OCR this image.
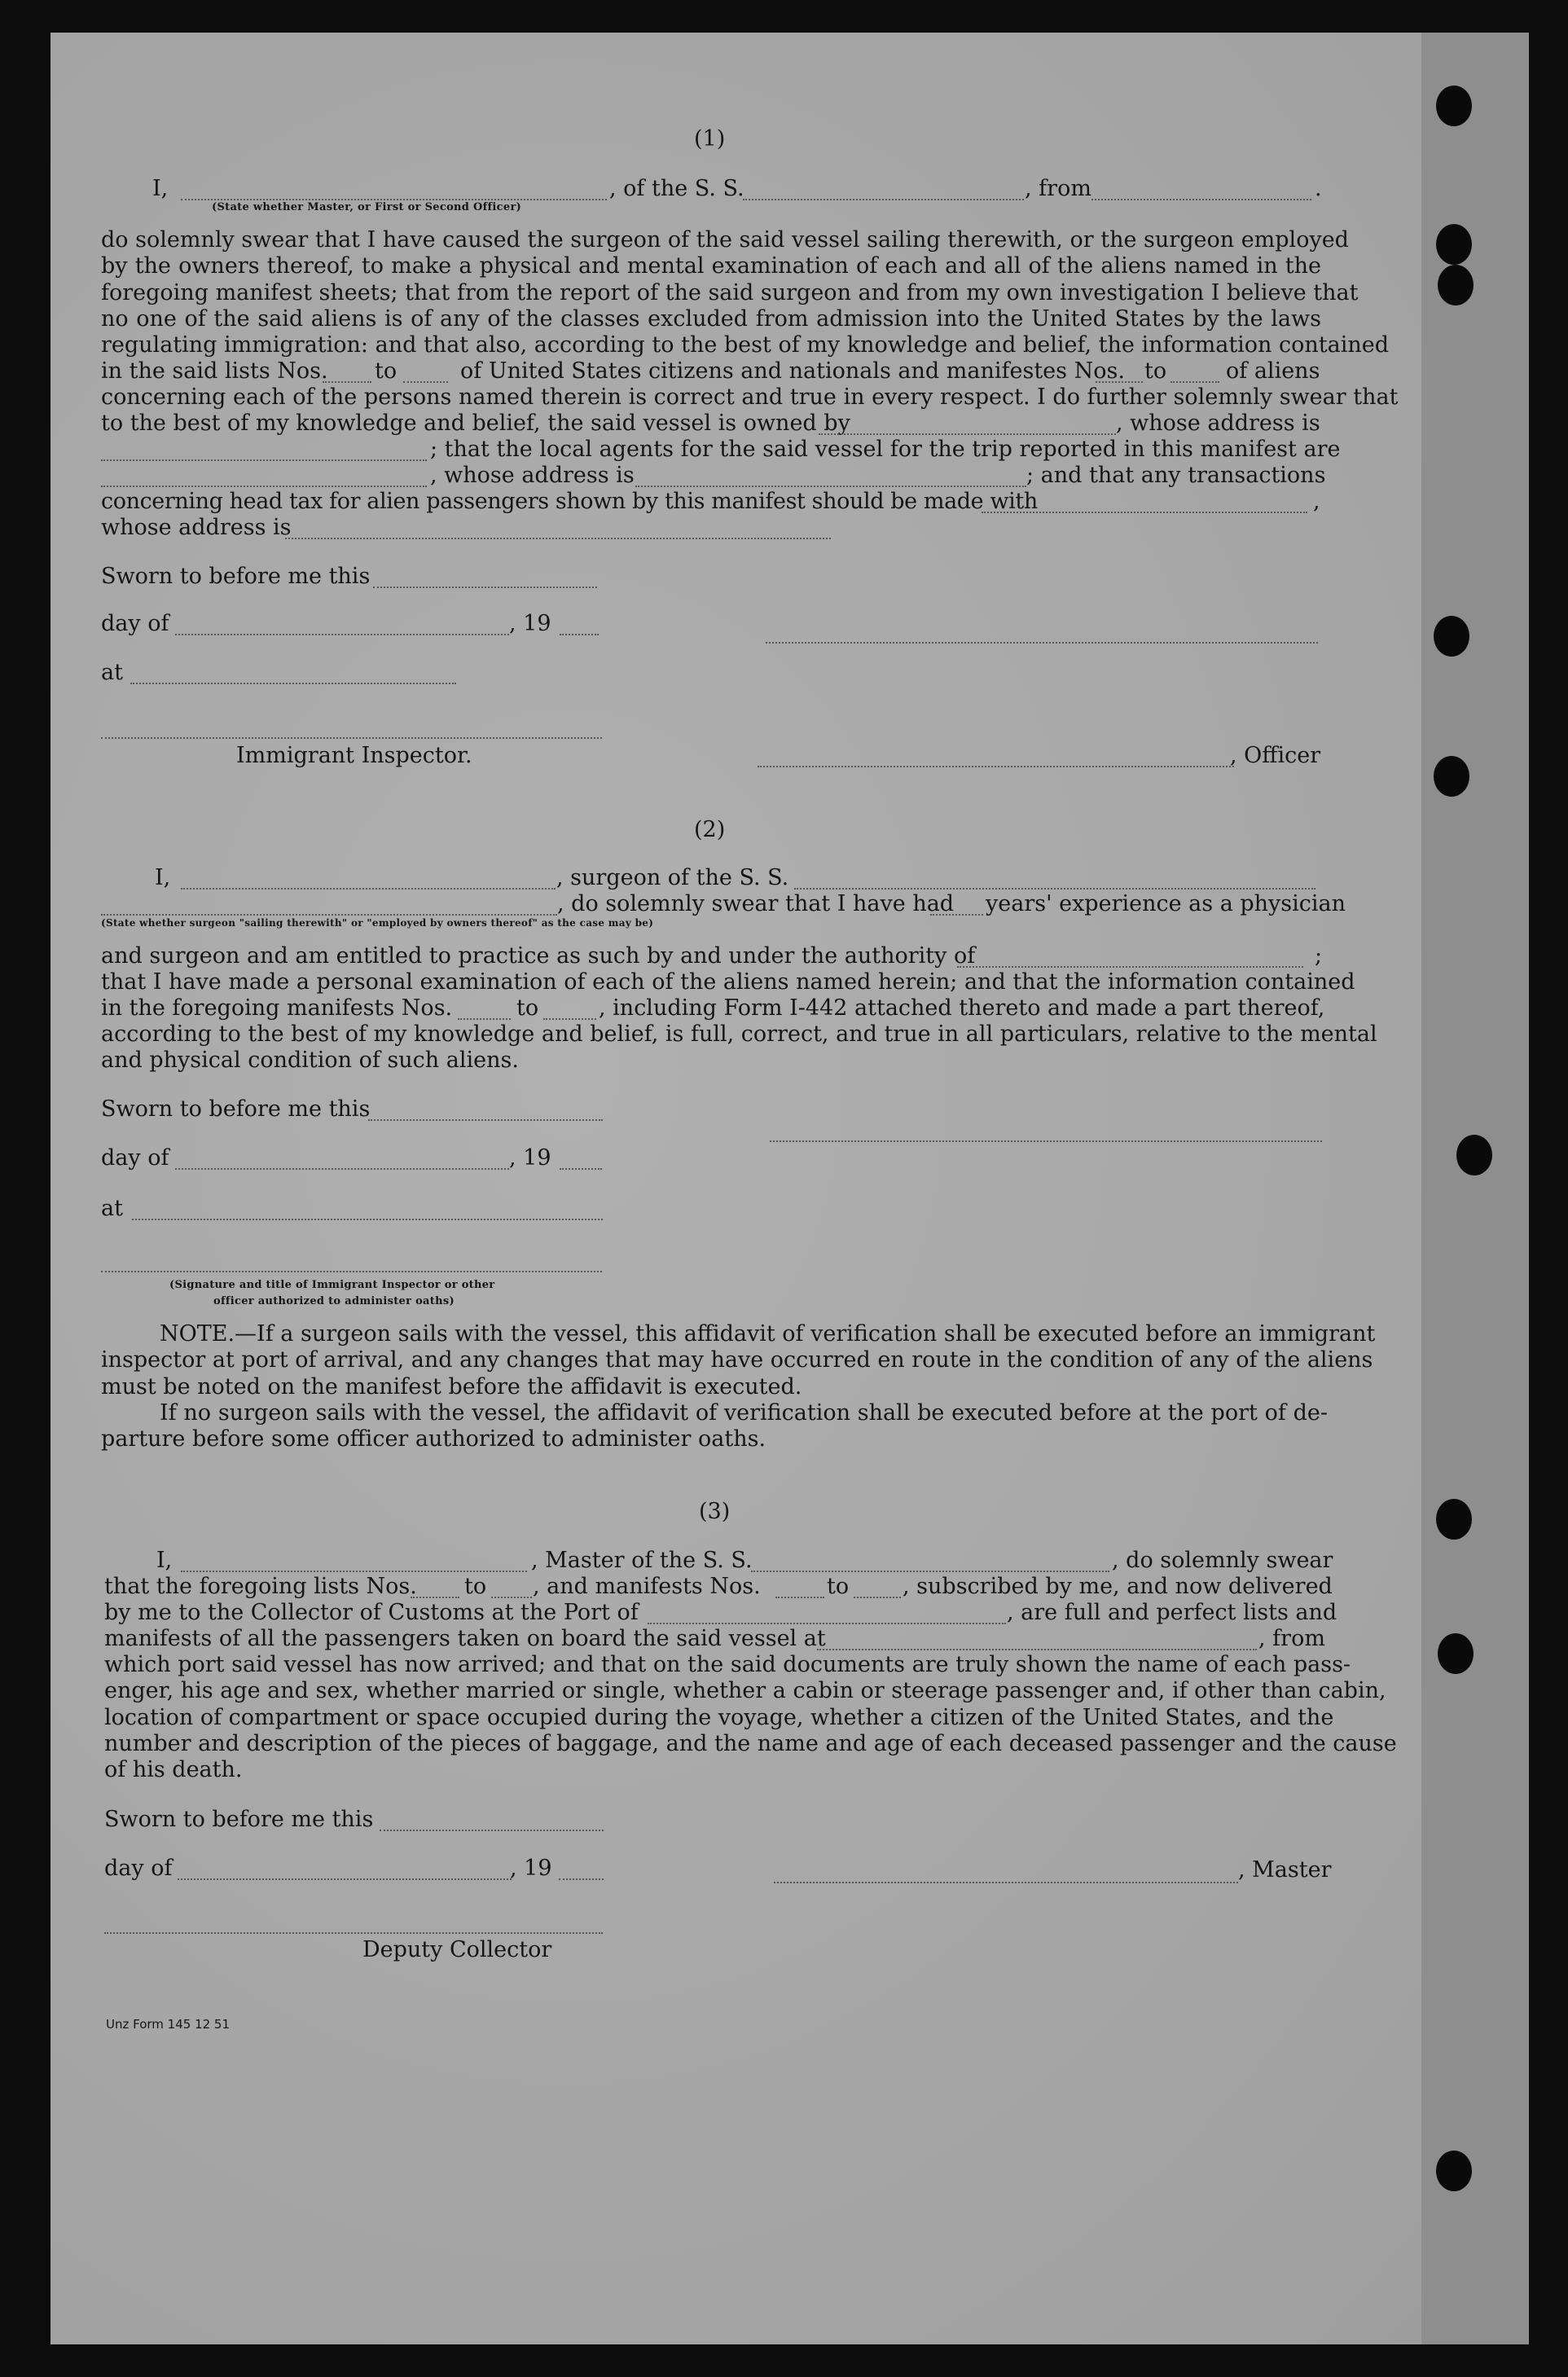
(1)
I,	, of the S. S.	, from	.
(State whether Master, or First or Second Officer)
do solemnly swear that I have caused the surgeon of the said vessel sailing therewith, or the surgeon employed
by the owners thereof, to make a physical and mental examination of each and all of the aliens named in the
foregoing manifest sheets; that from the report of the said surgeon and from my own investigation I believe that
no one of the said aliens is of any of the classes excluded from admission into the United States by the laws
regulating immigration: and that also, according to the best of my knowledge and belief, the information contained
in the said lists Nos. to	of United States citizens and nationals and manifestes Nos. to	of aliens
concerning each of the persons named therein is correct and true in every respect. I do further solemnly swear that
to the best of my knowledge and belief, the said vessel is owned by	, whose address is
; that the local agents for the said vessel for the trip reported in this manifest are
, whose address is	; and that any transactions
concerning head tax for alien passengers shown by this manifest should be made with	,
whose address is
Sworn to before me this
day of	, 19
at
Immigrant Inspector.	, Officer
(2)
I,	, surgeon of the S. S.
, do solemnly swear that I have had years' experience as a physician
(State whether surgeon "sailing therewith" or "employed by owners thereof" as the case may be)
and surgeon and am entitled to practice as such by and under the authority of	;
that I have made a personal examination of each of the aliens named herein; and that the information contained
in the foregoing manifests Nos.	to	, including Form I-442 attached thereto and made a part thereof,
according to the best of my knowledge and belief, is full, correct, and true in all particulars, relative to the mental
and physical condition of such aliens.
Sworn to before me this
day of	, 19
at
(Signature and title of Immigrant Inspector or other
officer authorized to administer oaths)
NOTE.—If a surgeon sails with the vessel, this affidavit of verification shall be executed before an immigrant
inspector at port of arrival, and any changes that may have occurred en route in the condition of any of the aliens
must be noted on the manifest before the affidavit is executed.
If no surgeon sails with the vessel, the affidavit of verification shall be executed before at the port of de-
parture before some officer authorized to administer oaths.
(3)
I,	, Master of the S. S.	, do solemnly swear
that the foregoing lists Nos. to , and manifests Nos.	to , subscribed by me, and now delivered
by me to the Collector of Customs at the Port of	, are full and perfect lists and
manifests of all the passengers taken on board the said vessel at	, from
which port said vessel has now arrived; and that on the said documents are truly shown the name of each pass-
enger, his age and sex, whether married or single, whether a cabin or steerage passenger and, if other than cabin,
location of compartment or space occupied during the voyage, whether a citizen of the United States, and the
number and description of the pieces of baggage, and the name and age of each deceased passenger and the cause
of his death.
Sworn to before me this
day of	, 19	, Master
Deputy Collector
Unz Form 145 12 51
